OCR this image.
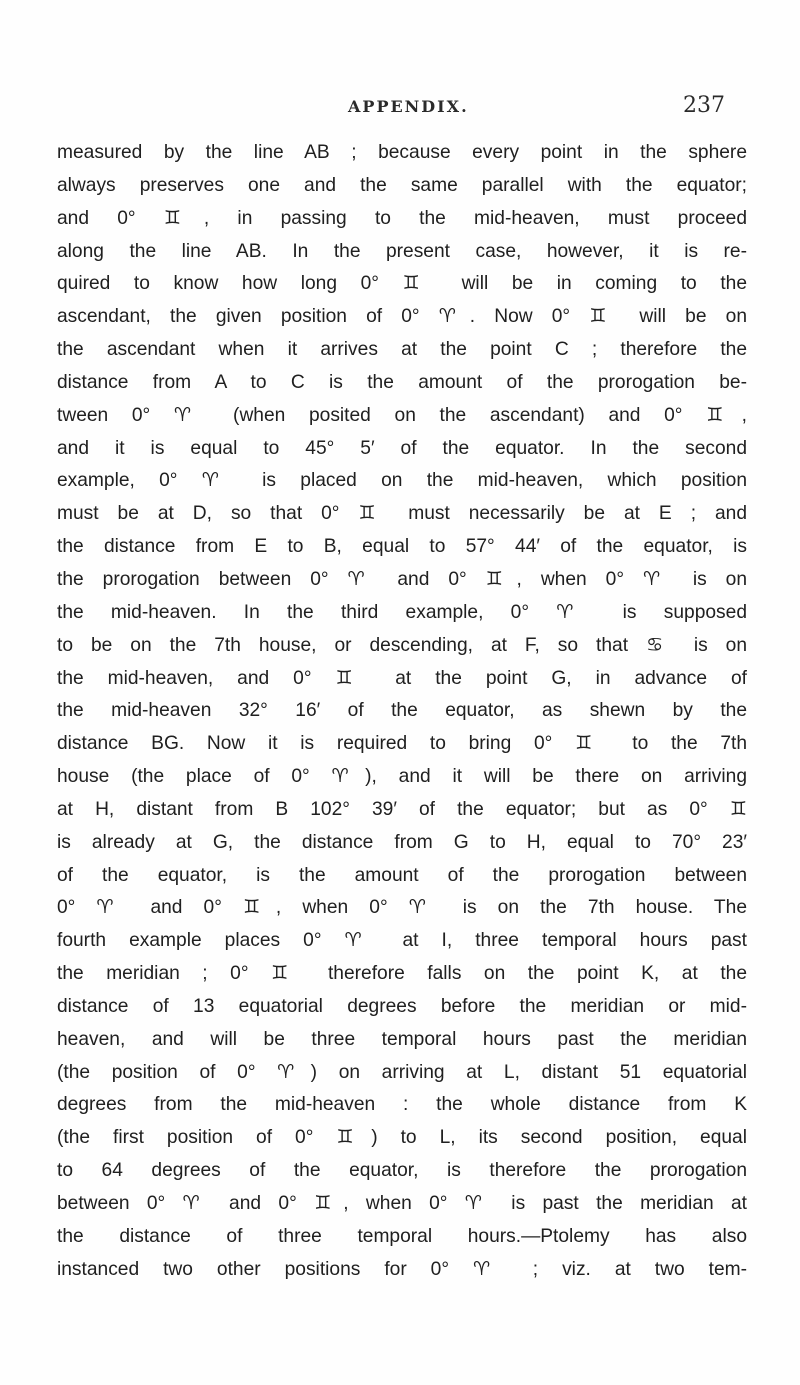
APPENDIX.	237
measured by the line AB ; because every point in the sphere
always preserves one and the same parallel with the equator;
and 0° ♊, in passing to the mid-heaven, must proceed
along the line AB. In the present case, however, it is re-
quired to know how long 0° ♊ will be in coming to the
ascendant, the given position of 0° ♈. Now 0° ♊ will be on
the ascendant when it arrives at the point C ; therefore the
distance from A to C is the amount of the prorogation be-
tween 0° ♈ (when posited on the ascendant) and 0° ♊,
and it is equal to 45° 5′ of the equator. In the second
example, 0° ♈ is placed on the mid-heaven, which position
must be at D, so that 0° ♊ must necessarily be at E ; and
the distance from E to B, equal to 57° 44′ of the equator, is
the prorogation between 0° ♈ and 0° ♊, when 0° ♈ is on
the mid-heaven. In the third example, 0° ♈ is supposed
to be on the 7th house, or descending, at F, so that ♋ is on
the mid-heaven, and 0° ♊ at the point G, in advance of
the mid-heaven 32° 16′ of the equator, as shewn by the
distance BG. Now it is required to bring 0° ♊ to the 7th
house (the place of 0° ♈), and it will be there on arriving
at H, distant from B 102° 39′ of the equator; but as 0° ♊
is already at G, the distance from G to H, equal to 70° 23′
of the equator, is the amount of the prorogation between
0° ♈ and 0° ♊, when 0° ♈ is on the 7th house. The
fourth example places 0° ♈ at I, three temporal hours past
the meridian ; 0° ♊ therefore falls on the point K, at the
distance of 13 equatorial degrees before the meridian or mid-
heaven, and will be three temporal hours past the meridian
(the position of 0° ♈) on arriving at L, distant 51 equatorial
degrees from the mid-heaven : the whole distance from K
(the first position of 0° ♊) to L, its second position, equal
to 64 degrees of the equator, is therefore the prorogation
between 0° ♈ and 0° ♊, when 0° ♈ is past the meridian at
the distance of three temporal hours.—Ptolemy has also
instanced two other positions for 0° ♈ ; viz. at two tem-
